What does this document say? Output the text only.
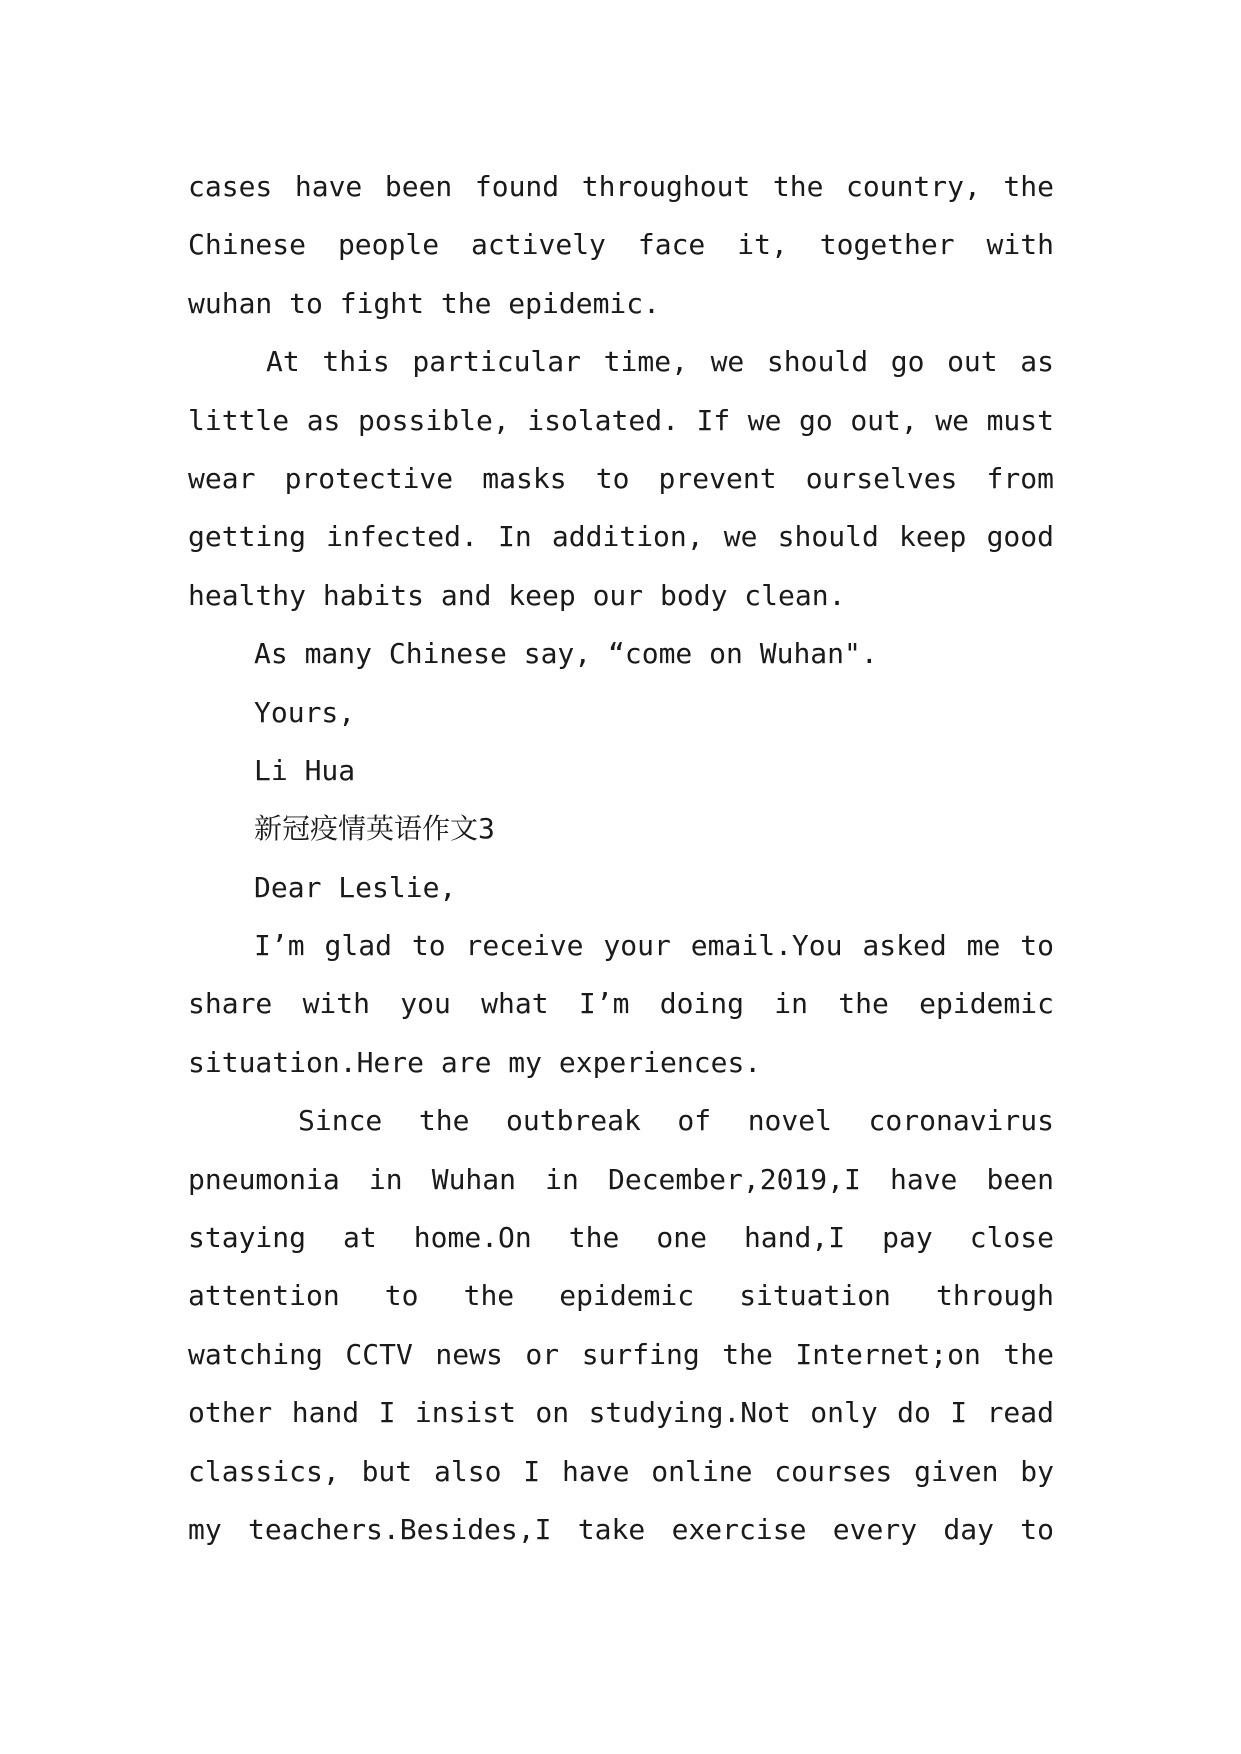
cases have been found throughout the country, the
Chinese people actively face it, together with
wuhan to fight the epidemic.
At this particular time, we should go out as
little as possible, isolated. If we go out, we must
wear protective masks to prevent ourselves from
getting infected. In addition, we should keep good
healthy habits and keep our body clean.
As many Chinese say, “come on Wuhan".
Yours,
Li Hua
新冠疫情英语作文3
Dear Leslie,
I’m glad to receive your email.You asked me to
share with you what I’m doing in the epidemic
situation.Here are my experiences.
Since the outbreak of novel coronavirus
pneumonia in Wuhan in December,2019,I have been
staying at home.On the one hand,I pay close
attention to the epidemic situation through
watching CCTV news or surfing the Internet;on the
other hand I insist on studying.Not only do I read
classics, but also I have online courses given by
my teachers.Besides,I take exercise every day to
